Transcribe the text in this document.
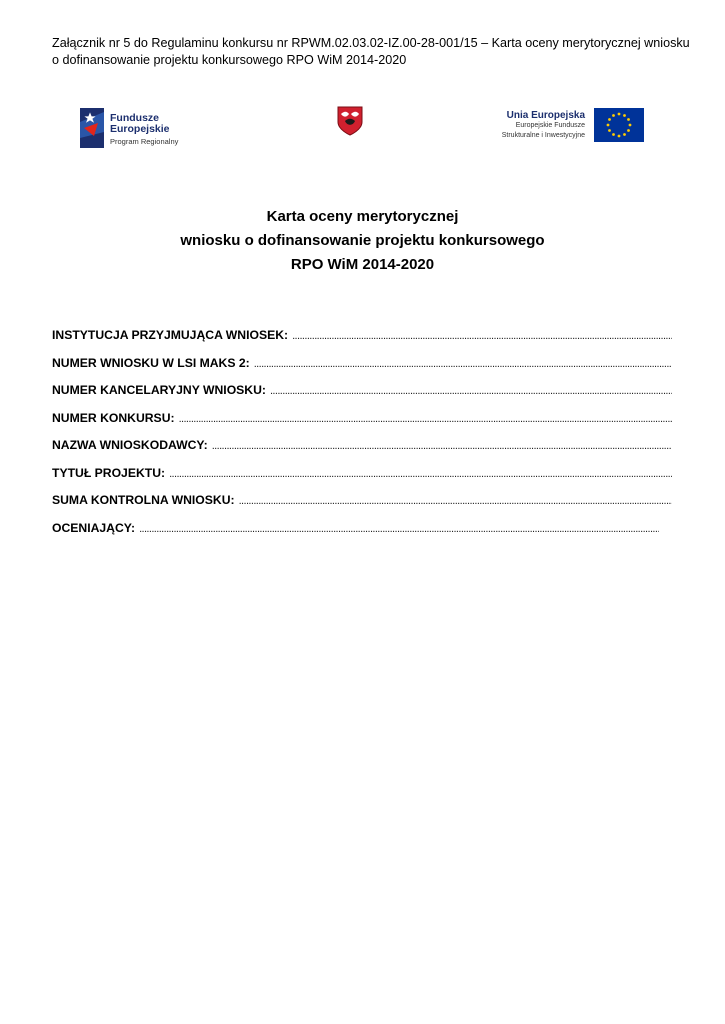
Załącznik nr 5 do Regulaminu konkursu nr RPWM.02.03.02-IZ.00-28-001/15 – Karta oceny merytorycznej wniosku
o dofinansowanie projektu konkursowego RPO WiM 2014-2020
Fundusze
Europejskie
Program Regionalny
Unia Europejska
Europejskie Fundusze
Strukturalne i Inwestycyjne
Karta oceny merytorycznej
wniosku o dofinansowanie projektu konkursowego
RPO WiM 2014-2020
INSTYTUCJA PRZYJMUJĄCA WNIOSEK:
.....
NUMER WNIOSKU W LSI MAKS 2:
.....
NUMER KANCELARYJNY WNIOSKU:
.....
NUMER KONKURSU:
.....
NAZWA WNIOSKODAWCY:
.....
TYTUŁ PROJEKTU:
.....
SUMA KONTROLNA WNIOSKU:
.....
OCENIAJĄCY:
.....
